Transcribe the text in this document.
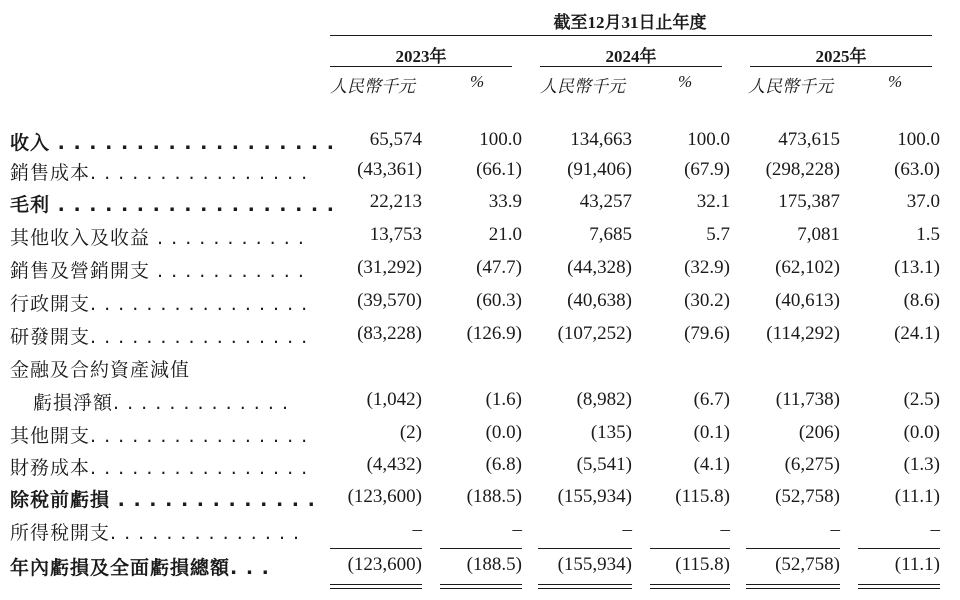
截至12月31日止年度
2023年	2024年	2025年
人民幣千元	%	人民幣千元	%	人民幣千元	%
收入 . . . . . . . . . . . . . . . . . . 65,574	100.0	134,663	100.0	473,615	100.0
銷售成本. . . . . . . . . . . . . . . .	(43,361)	(66.1) (91,406)	(67.9) (298,228)	(63.0)
毛利 . . . . . . . . . . . . . . . . . . 22,213	33.9	43,257	32.1	175,387	37.0
其他收入及收益 . . . . . . . . . . .	13,753	21.0	7,685	5.7	7,081	1.5
銷售及營銷開支 . . . . . . . . . . .	(31,292)	(47.7) (44,328)	(32.9) (62,102)	(13.1)
行政開支. . . . . . . . . . . . . . . .	(39,570)	(60.3) (40,638)	(30.2) (40,613)	(8.6)
研發開支. . . . . . . . . . . . . . . .	(83,228) (126.9) (107,252)	(79.6) (114,292)	(24.1)
金融及合約資產減值
虧損淨額. . . . . . . . . . . . .	(1,042)	(1.6)	(8,982)	(6.7) (11,738)	(2.5)
其他開支. . . . . . . . . . . . . . . .	(2)	(0.0)	(135)	(0.1)	(206)	(0.0)
財務成本. . . . . . . . . . . . . . . .	(4,432)	(6.8)	(5,541)	(4.1)	(6,275)	(1.3)
除稅前虧損 . . . . . . . . . . . . . (123,600) (188.5) (155,934) (115.8) (52,758)	(11.1)
所得稅開支. . . . . . . . . . . . . .	–	–	–	–	–	–
年內虧損及全面虧損總額. . .	(123,600) (188.5) (155,934) (115.8) (52,758)	(11.1)
